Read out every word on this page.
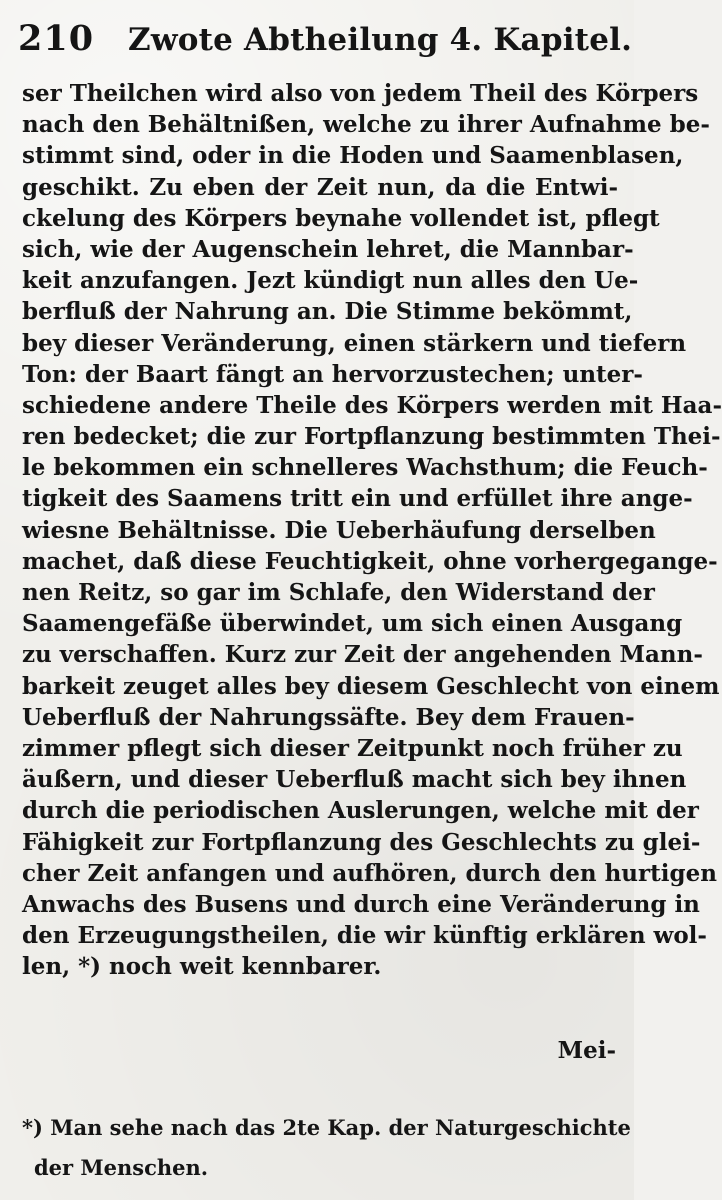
210 Zwote Abtheilung 4. Kapitel.
ser Theilchen wird also von jedem Theil des Körpers
nach den Behältnißen, welche zu ihrer Aufnahme be-
stimmt sind, oder in die Hoden und Saamenblasen,
geschikt. Zu eben der Zeit nun, da die Entwi-
ckelung des Körpers beynahe vollendet ist, pflegt
sich, wie der Augenschein lehret, die Mannbar-
keit anzufangen. Jezt kündigt nun alles den Ue-
berfluß der Nahrung an. Die Stimme bekömmt,
bey dieser Veränderung, einen stärkern und tiefern
Ton: der Baart fängt an hervorzustechen; unter-
schiedene andere Theile des Körpers werden mit Haa-
ren bedecket; die zur Fortpflanzung bestimmten Thei-
le bekommen ein schnelleres Wachsthum; die Feuch-
tigkeit des Saamens tritt ein und erfüllet ihre ange-
wiesne Behältnisse. Die Ueberhäufung derselben
machet, daß diese Feuchtigkeit, ohne vorhergegange-
nen Reitz, so gar im Schlafe, den Widerstand der
Saamengefäße überwindet, um sich einen Ausgang
zu verschaffen. Kurz zur Zeit der angehenden Mann-
barkeit zeuget alles bey diesem Geschlecht von einem
Ueberfluß der Nahrungssäfte. Bey dem Frauen-
zimmer pflegt sich dieser Zeitpunkt noch früher zu
äußern, und dieser Ueberfluß macht sich bey ihnen
durch die periodischen Auslerungen, welche mit der
Fähigkeit zur Fortpflanzung des Geschlechts zu glei-
cher Zeit anfangen und aufhören, durch den hurtigen
Anwachs des Busens und durch eine Veränderung in
den Erzeugungstheilen, die wir künftig erklären wol-
len, *) noch weit kennbarer.
Mei-
*) Man sehe nach das 2te Kap. der Naturgeschichte
der Menschen.
